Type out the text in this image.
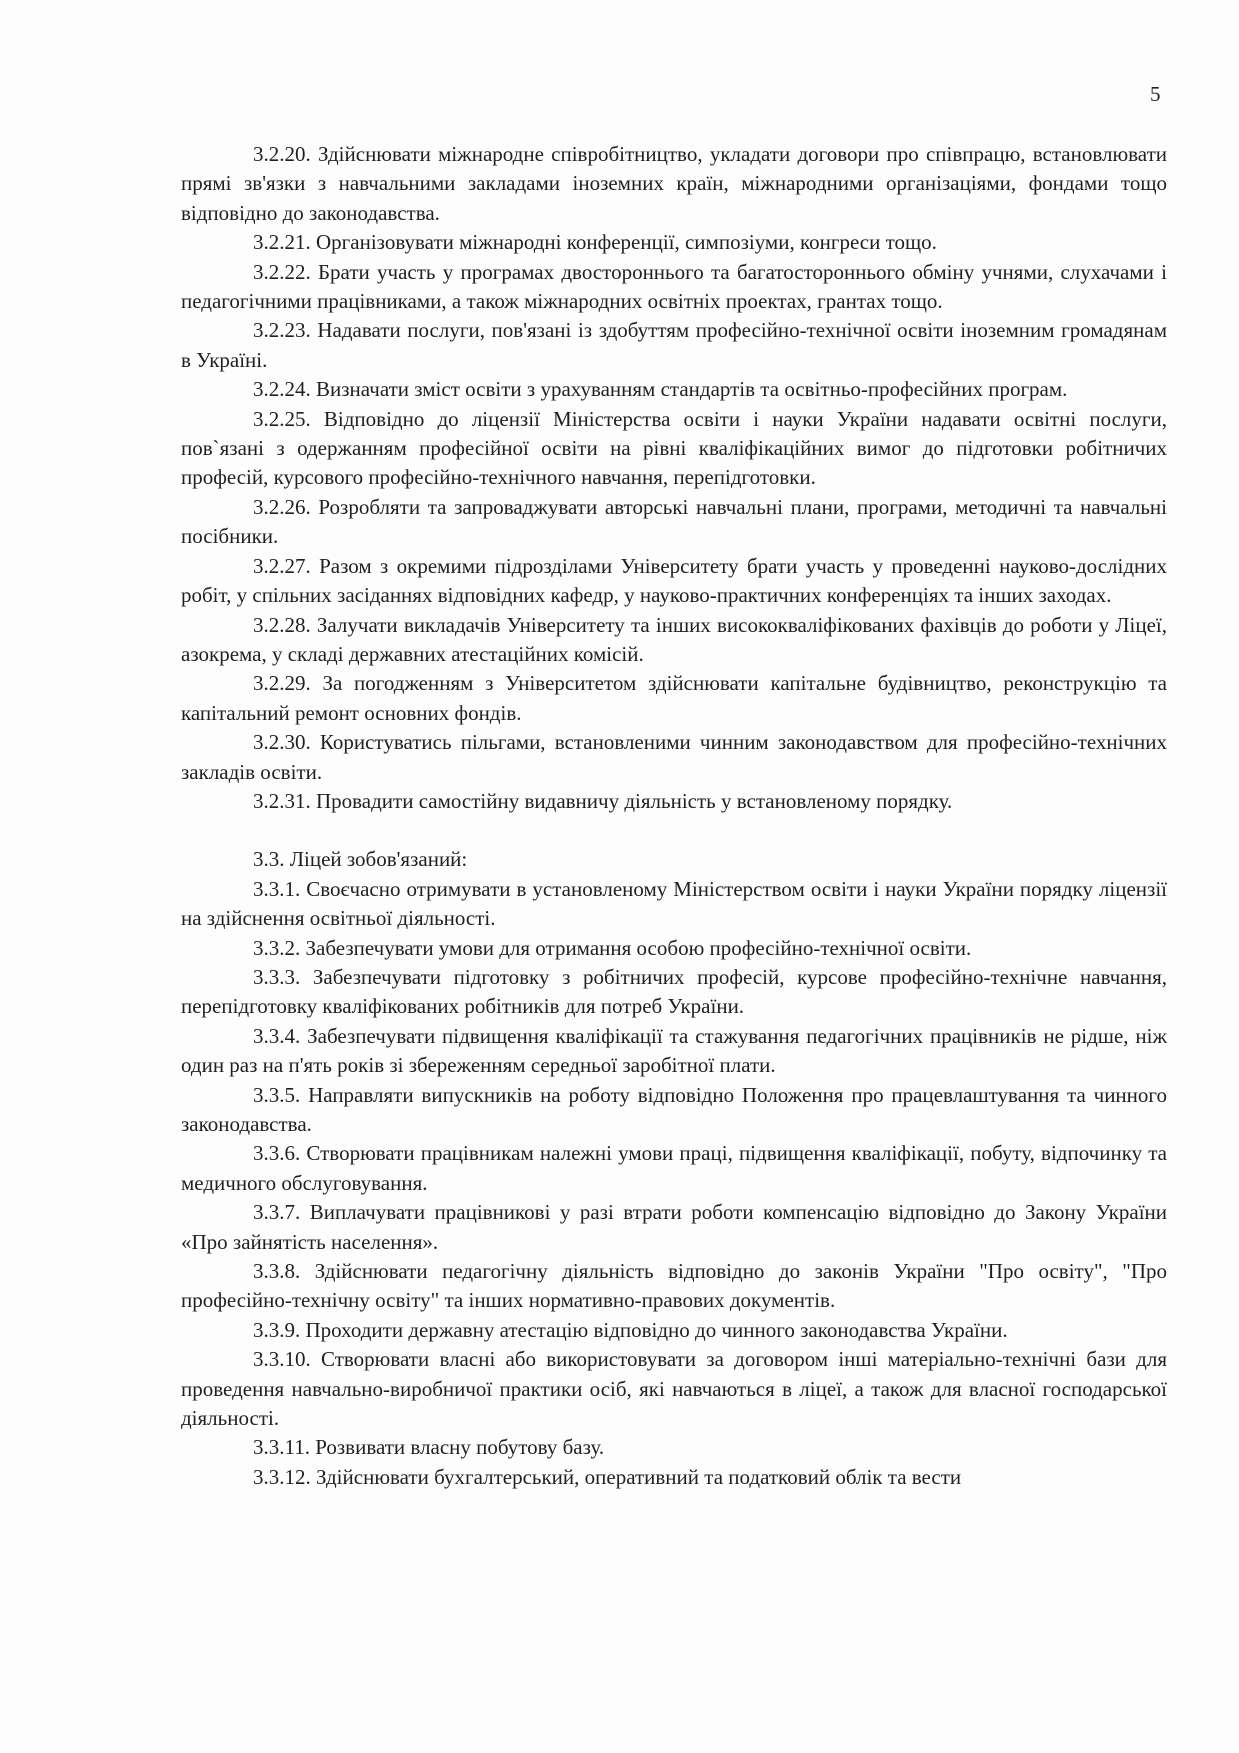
5

3.2.20. Здійснювати міжнародне співробітництво, укладати договори про співпрацю, встановлювати прямі зв'язки з навчальними закладами іноземних країн, міжнародними організаціями, фондами тощо відповідно до законодавства.

3.2.21. Організовувати міжнародні конференції, симпозіуми, конгреси тощо.

3.2.22. Брати участь у програмах двостороннього та багатостороннього обміну учнями, слухачами і педагогічними працівниками, а також міжнародних освітніх проектах, грантах тощо.

3.2.23. Надавати послуги, пов'язані із здобуттям професійно-технічної освіти іноземним громадянам в Україні.

3.2.24. Визначати зміст освіти з урахуванням стандартів та освітньо-професійних програм.

3.2.25. Відповідно до ліцензії Міністерства освіти і науки України надавати освітні послуги, пов`язані з одержанням професійної освіти на рівні кваліфікаційних вимог до підготовки робітничих професій, курсового професійно-технічного навчання, перепідготовки.

3.2.26. Розробляти та запроваджувати авторські навчальні плани, програми, методичні та навчальні посібники.

3.2.27. Разом з окремими підрозділами Університету брати участь у проведенні науково-дослідних робіт, у спільних засіданнях відповідних кафедр, у науково-практичних конференціях та інших заходах.

3.2.28. Залучати викладачів Університету та інших висококваліфікованих фахівців до роботи у Ліцеї, азокрема, у складі державних атестаційних комісій.

3.2.29. За погодженням з Університетом здійснювати капітальне будівництво, реконструкцію та капітальний ремонт основних фондів.

3.2.30. Користуватись пільгами, встановленими чинним законодавством для професійно-технічних закладів освіти.

3.2.31. Провадити самостійну видавничу діяльність у встановленому порядку.

3.3. Ліцей зобов'язаний:

3.3.1. Своєчасно отримувати в установленому Міністерством освіти і науки України порядку ліцензії на здійснення освітньої діяльності.

3.3.2. Забезпечувати умови для отримання особою професійно-технічної освіти.

3.3.3. Забезпечувати підготовку з робітничих професій, курсове професійно-технічне навчання, перепідготовку кваліфікованих робітників для потреб України.

3.3.4. Забезпечувати підвищення кваліфікації та стажування педагогічних працівників не рідше, ніж один раз на п'ять років зі збереженням середньої заробітної плати.

3.3.5. Направляти випускників на роботу відповідно Положення про працевлаштування та чинного законодавства.

3.3.6. Створювати працівникам належні умови праці, підвищення кваліфікації, побуту, відпочинку та медичного обслуговування.

3.3.7. Виплачувати працівникові у разі втрати роботи компенсацію відповідно до Закону України «Про зайнятість населення».

3.3.8. Здійснювати педагогічну діяльність відповідно до законів України "Про освіту", "Про професійно-технічну освіту" та інших нормативно-правових документів.

3.3.9. Проходити державну атестацію відповідно до чинного законодавства України.

3.3.10. Створювати власні або використовувати за договором інші матеріально-технічні бази для проведення навчально-виробничої практики осіб, які навчаються в ліцеї, а також для власної господарської діяльності.

3.3.11. Розвивати власну побутову базу.

3.3.12. Здійснювати бухгалтерський, оперативний та податковий облік та вести
